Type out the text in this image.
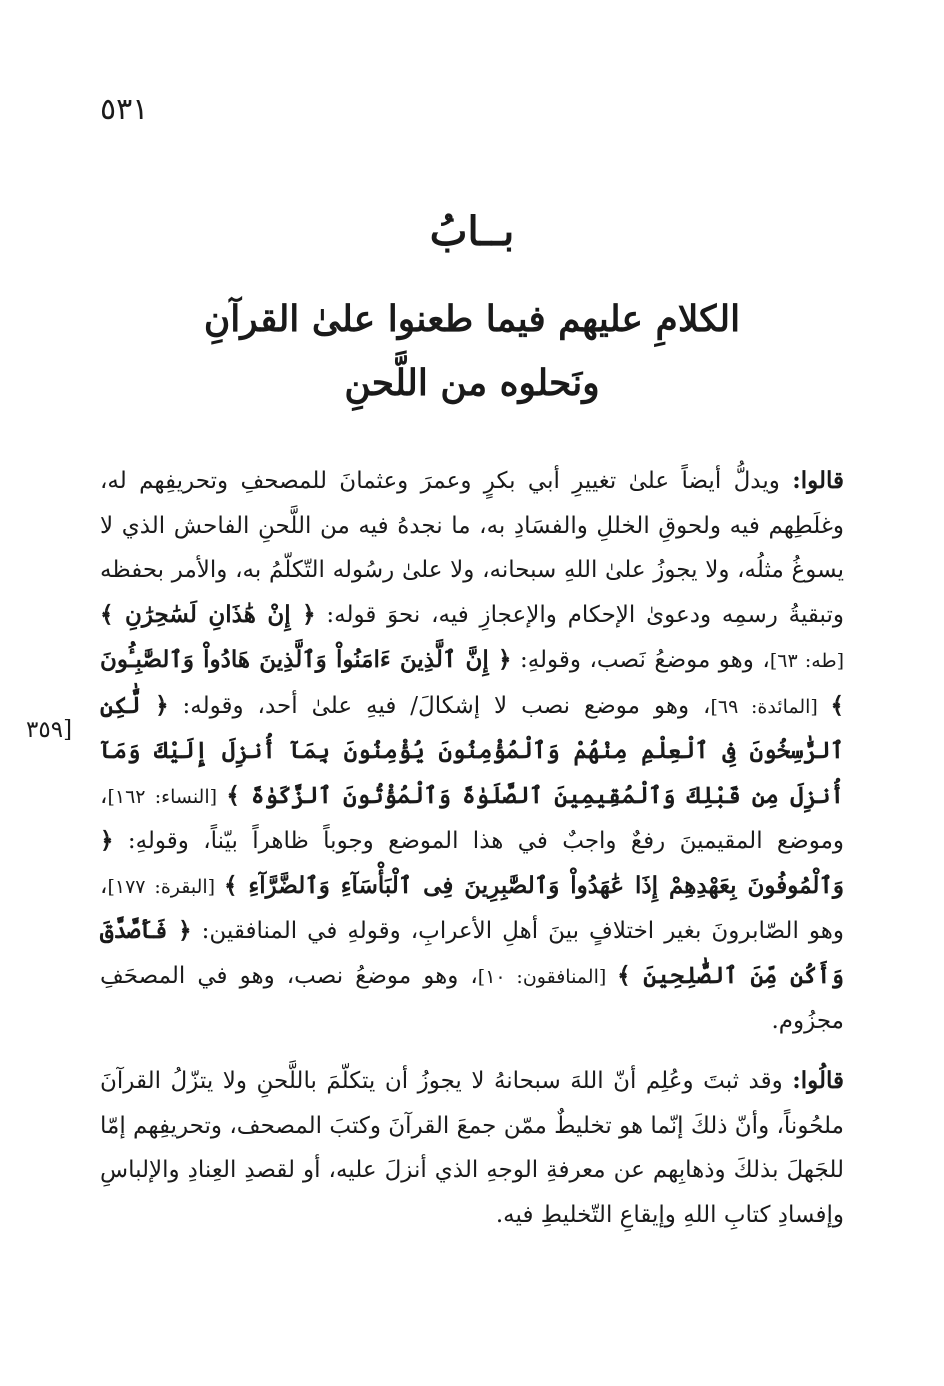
٥٣١
بــابُ
الكلامِ عليهم فيما طعنوا علىٰ القرآنِ
ونَحلوه من اللَّحنِ
[٣٥٩

قالوا: ويدلُّ أيضاً علىٰ تغييرِ أبي بكرٍ وعمرَ وعثمانَ للمصحفِ وتحريفِهم له، وغلَطِهم فيه ولحوقِ الخللِ والفسَادِ به، ما نجدهُ فيه من اللَّحنِ الفاحش الذي لا يسوغُ مثلُه، ولا يجوزُ علىٰ اللهِ سبحانه، ولا علىٰ رسُوله التّكلّمُ به، والأمر بحفظه وتبقيةُ رسمِه ودعوىٰ الإحكام والإعجازِ فيه، نحوَ قوله: ﴿ إِنْ هَٰذَانِ لَسَٰحِرَٰنِ ﴾ [طه: ٦٣]، وهو موضعُ نَصب، وقولهِ: ﴿ إِنَّ ٱلَّذِينَ ءَامَنُواْ وَٱلَّذِينَ هَادُواْ وَٱلصَّٰبِـُٔونَ ﴾ [المائدة: ٦٩]، وهو موضع نصب لا إشكالَ/ فيهِ علىٰ أحد، وقوله: ﴿ لَّٰكِنِ ٱلرَّٰسِخُونَ فِى ٱلْعِلْمِ مِنْهُمْ وَٱلْمُؤْمِنُونَ يُؤْمِنُونَ بِمَآ أُنزِلَ إِلَيْكَ وَمَآ أُنزِلَ مِن قَبْلِكَ وَٱلْمُقِيمِينَ ٱلصَّلَوٰةَ وَٱلْمُؤْتُونَ ٱلزَّكَوٰةَ ﴾ [النساء: ١٦٢]، وموضع المقيمينَ رفعٌ واجبٌ في هذا الموضع وجوباً ظاهراً بيّناً، وقولهِ: ﴿ وَٱلْمُوفُونَ بِعَهْدِهِمْ إِذَا عَٰهَدُواْ وَٱلصَّٰبِرِينَ فِى ٱلْبَأْسَآءِ وَٱلضَّرَّآءِ ﴾ [البقرة: ١٧٧]، وهو الصّابرونَ بغير اختلافٍ بينَ أهلِ الأعرابِ، وقولهِ في المنافقين: ﴿ فَأَصَّدَّقَ وَأَكُن مِّنَ ٱلصَّٰلِحِينَ ﴾ [المنافقون: ١٠]، وهو موضعُ نصب، وهو في المصحَفِ مجزُوم.

قالُوا: وقد ثبتَ وعُلِم أنّ اللهَ سبحانهُ لا يجوزُ أن يتكلّمَ باللَّحنِ ولا يتزّلُ القرآنَ ملحُوناً، وأنّ ذلكَ إنّما هو تخليطٌ ممّن جمعَ القرآنَ وكتبَ المصحف، وتحريفِهم إمّا للجَهلَ بذلكَ وذهابِهم عن معرفةِ الوجهِ الذي أنزلَ عليه، أو لقصدِ العِنادِ والإلباسِ وإفسادِ كتابِ اللهِ وإيقاعِ التّخليطِ فيه.
